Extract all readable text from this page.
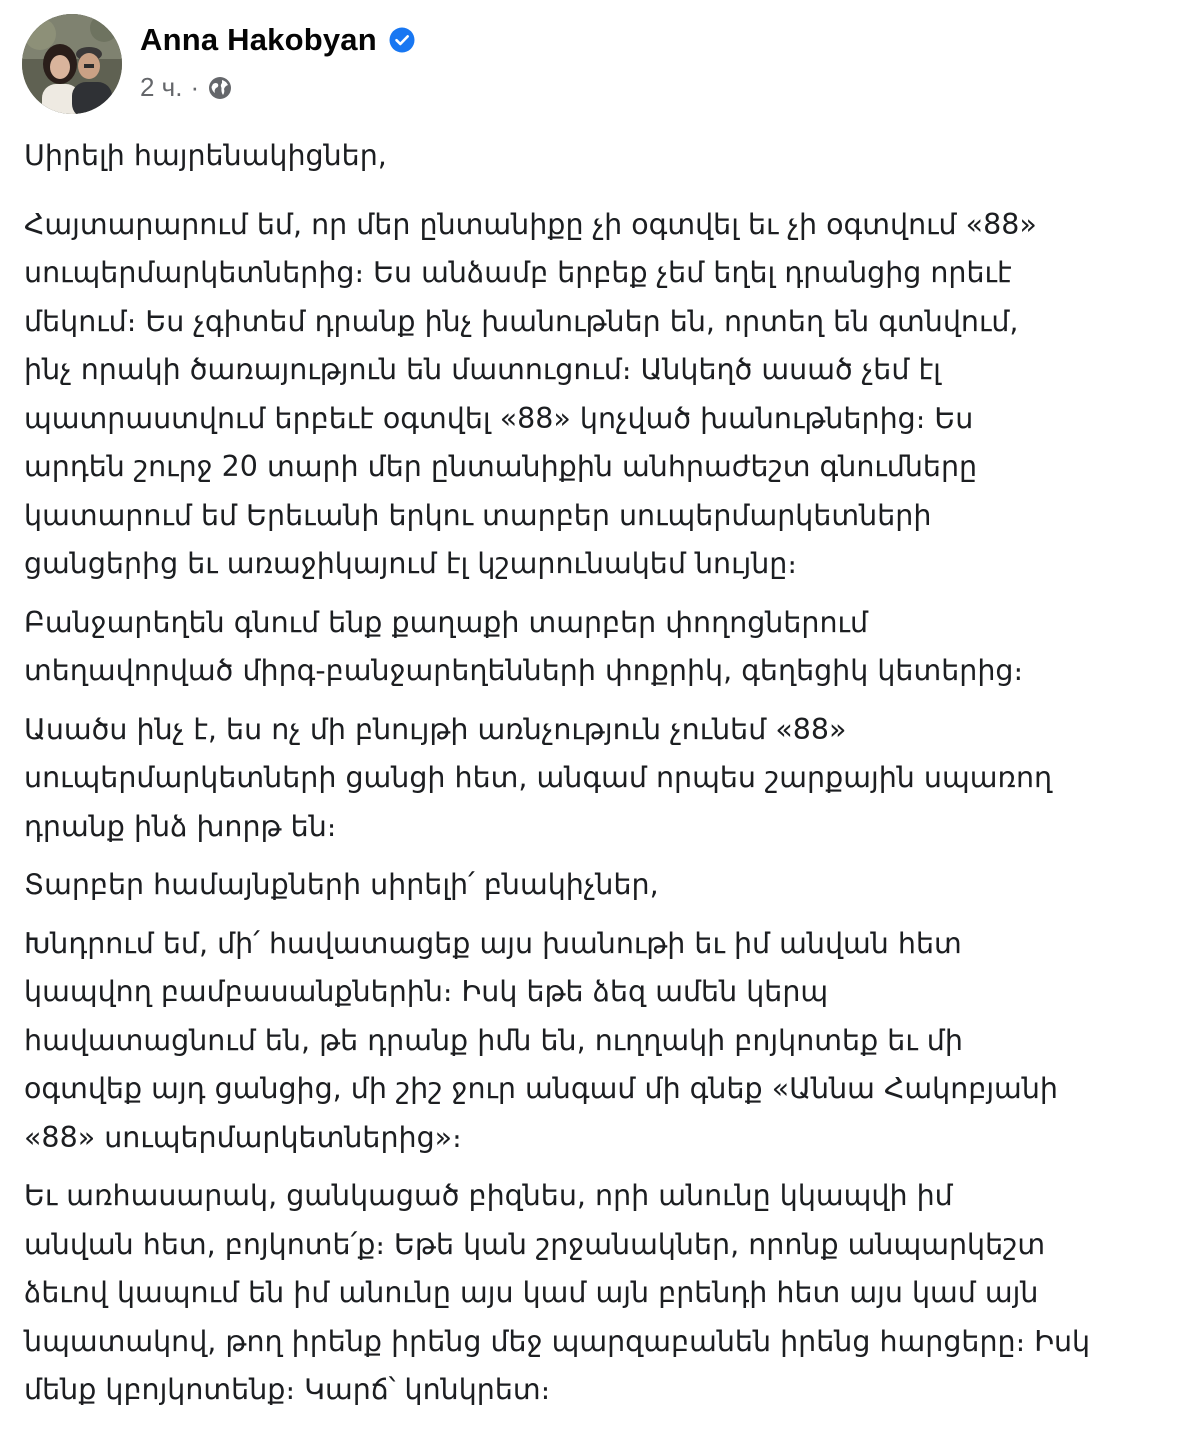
Anna Hakobyan
2 ч. ·
Սիրելի հայրենակիցներ,
Հայտարարում եմ, որ մեր ընտանիքը չի օգտվել եւ չի օգտվում «88»
սուպերմարկետներից։ Ես անձամբ երբեք չեմ եղել դրանցից որեւէ
մեկում։ Ես չգիտեմ դրանք ինչ խանութներ են, որտեղ են գտնվում,
ինչ որակի ծառայություն են մատուցում։ Անկեղծ ասած չեմ էլ
պատրաստվում երբեւէ օգտվել «88» կոչված խանութներից։ Ես
արդեն շուրջ 20 տարի մեր ընտանիքին անհրաժեշտ գնումները
կատարում եմ Երեւանի երկու տարբեր սուպերմարկետների
ցանցերից եւ առաջիկայում էլ կշարունակեմ նույնը։
Բանջարեղեն գնում ենք քաղաքի տարբեր փողոցներում
տեղավորված միրգ-բանջարեղենների փոքրիկ, գեղեցիկ կետերից։
Ասածս ինչ է, ես ոչ մի բնույթի առնչություն չունեմ «88»
սուպերմարկետների ցանցի հետ, անգամ որպես շարքային սպառող
դրանք ինձ խորթ են։
Տարբեր համայնքների սիրելի՛ բնակիչներ,
Խնդրում եմ, մի՛ հավատացեք այս խանութի եւ իմ անվան հետ
կապվող բամբասանքներին։ Իսկ եթե ձեզ ամեն կերպ
հավատացնում են, թե դրանք իմն են, ուղղակի բոյկոտեք եւ մի
օգտվեք այդ ցանցից, մի շիշ ջուր անգամ մի գնեք «Աննա Հակոբյանի
«88» սուպերմարկետներից»։
Եւ առհասարակ, ցանկացած բիզնես, որի անունը կկապվի իմ
անվան հետ, բոյկոտե՛ք։ Եթե կան շրջանակներ, որոնք անպարկեշտ
ձեւով կապում են իմ անունը այս կամ այն բրենդի հետ այս կամ այն
նպատակով, թող իրենք իրենց մեջ պարզաբանեն իրենց հարցերը։ Իսկ
մենք կբոյկոտենք։ Կարճ՝ կոնկրետ։
